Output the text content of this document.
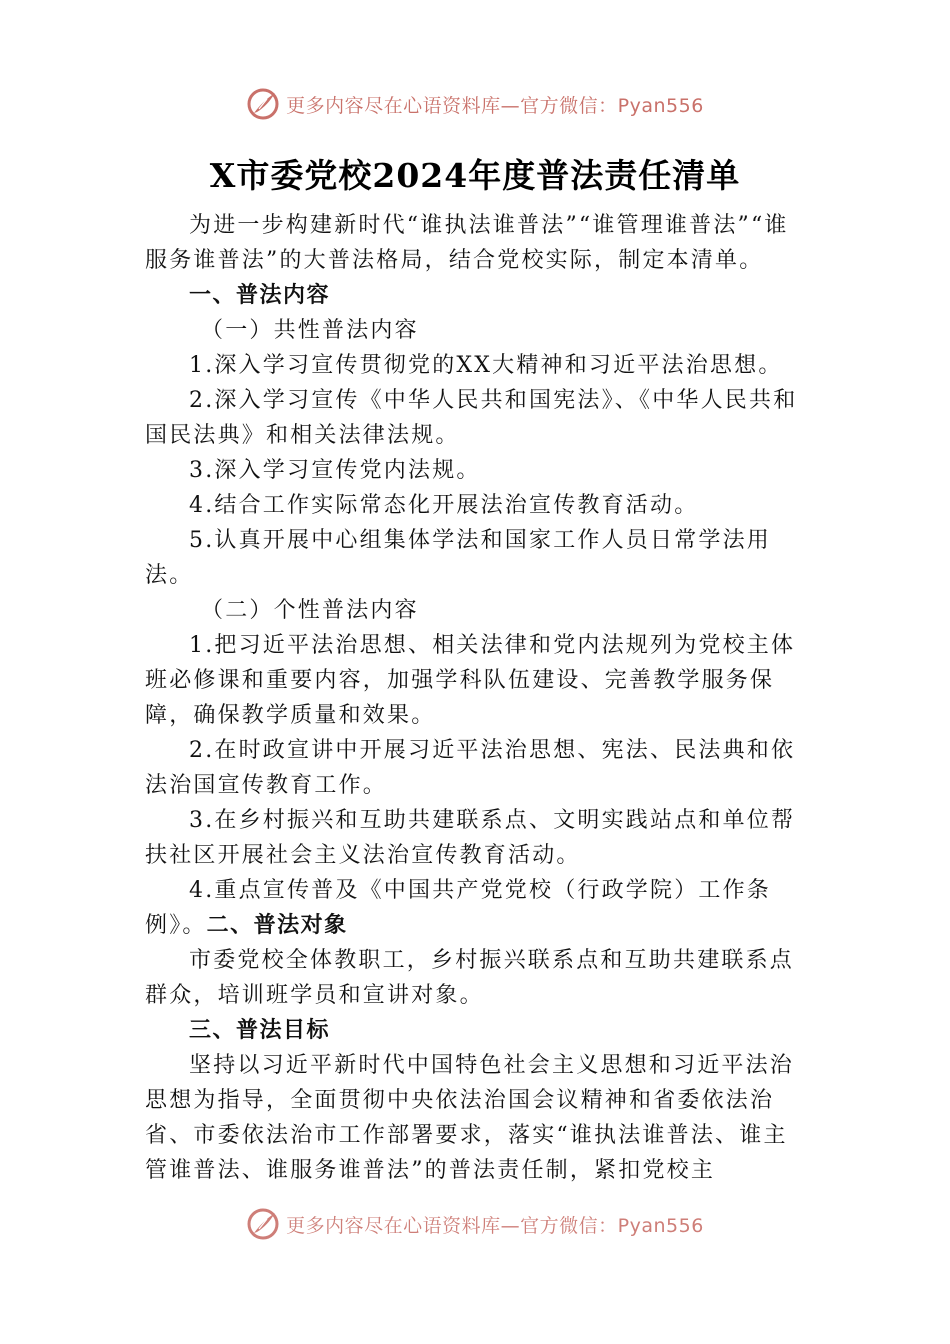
更多内容尽在心语资料库—官方微信：Pyan556
X市委党校2024年度普法责任清单

为进一步构建新时代“谁执法谁普法”“谁管理谁普法”“谁服务谁普法”的大普法格局，结合党校实际，制定本清单。

一、普法内容

（一）共性普法内容

1.深入学习宣传贯彻党的XX大精神和习近平法治思想。

2.深入学习宣传《中华人民共和国宪法》、《中华人民共和国民法典》和相关法律法规。

3.深入学习宣传党内法规。

4.结合工作实际常态化开展法治宣传教育活动。

5.认真开展中心组集体学法和国家工作人员日常学法用法。

（二）个性普法内容

1.把习近平法治思想、相关法律和党内法规列为党校主体班必修课和重要内容，加强学科队伍建设、完善教学服务保障，确保教学质量和效果。

2.在时政宣讲中开展习近平法治思想、宪法、民法典和依法治国宣传教育工作。

3.在乡村振兴和互助共建联系点、文明实践站点和单位帮扶社区开展社会主义法治宣传教育活动。

4.重点宣传普及《中国共产党党校（行政学院）工作条例》。二、普法对象

市委党校全体教职工，乡村振兴联系点和互助共建联系点群众，培训班学员和宣讲对象。

三、普法目标

坚持以习近平新时代中国特色社会主义思想和习近平法治思想为指导，全面贯彻中央依法治国会议精神和省委依法治省、市委依法治市工作部署要求，落实“谁执法谁普法、谁主管谁普法、谁服务谁普法”的普法责任制，紧扣党校主

更多内容尽在心语资料库—官方微信：Pyan556
